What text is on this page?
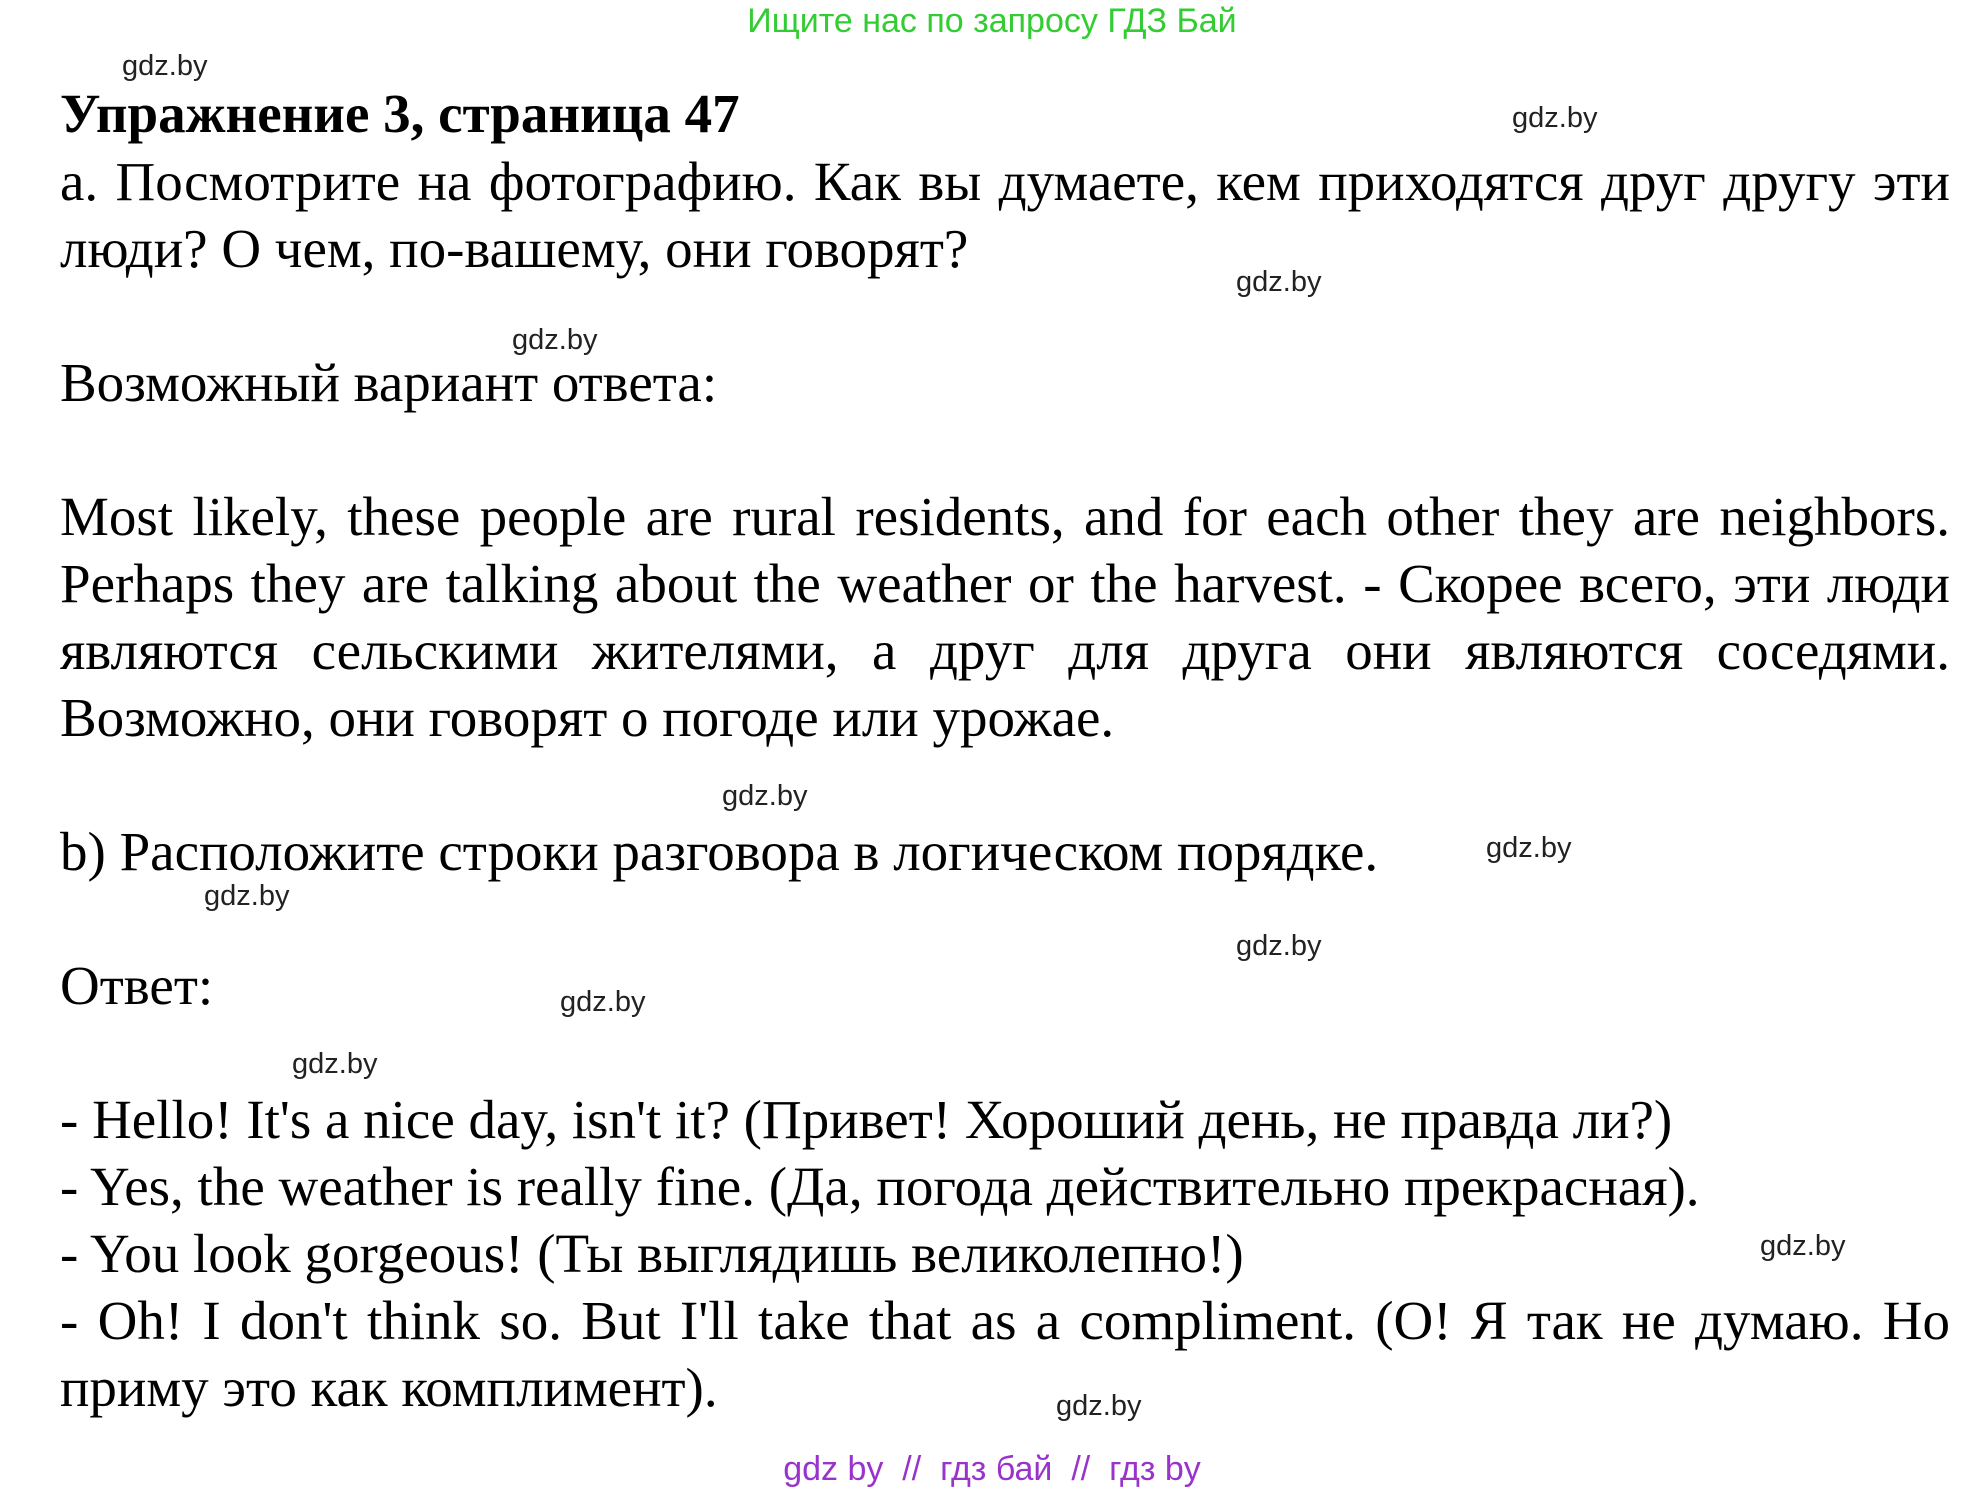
Ищите нас по запросу ГДЗ Бай
Упражнение 3, страница 47

а. Посмотрите на фотографию. Как вы думаете, кем приходятся друг другу эти люди? О чем, по-вашему, они говорят?

Возможный вариант ответа:

Most likely, these people are rural residents, and for each other they are neighbors. Perhaps they are talking about the weather or the harvest. - Скорее всего, эти люди являются сельскими жителями, а друг для друга они являются соседями. Возможно, они говорят о погоде или урожае.

b) Расположите строки разговора в логическом порядке.

Ответ:

- Hello! It's a nice day, isn't it? (Привет! Хороший день, не правда ли?)

- Yes, the weather is really fine. (Да, погода действительно прекрасная).

- You look gorgeous! (Ты выглядишь великолепно!)

- Oh! I don't think so. But I'll take that as a compliment. (О! Я так не думаю. Но приму это как комплимент).

gdz.by
gdz.by
gdz.by
gdz.by
gdz.by
gdz.by
gdz.by
gdz.by
gdz.by
gdz.by
gdz.by
gdz.by
gdz by  //  гдз бай  //  гдз by
